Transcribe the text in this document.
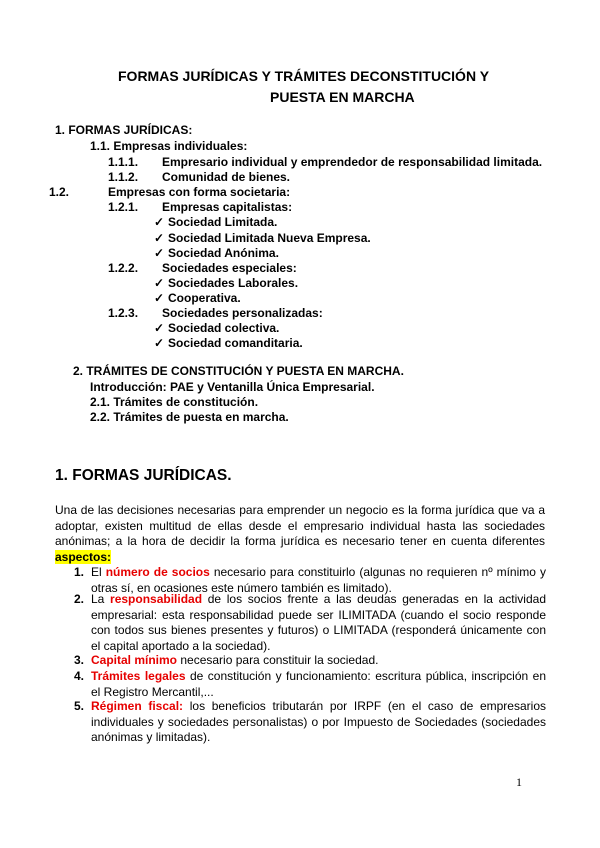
FORMAS JURÍDICAS Y TRÁMITES DECONSTITUCIÓN Y
PUESTA EN MARCHA
1. FORMAS JURÍDICAS:
1.1. Empresas individuales:
1.1.1. Empresario individual y emprendedor de responsabilidad limitada.
1.1.2. Comunidad de bienes.
1.2.	Empresas con forma societaria:
1.2.1. Empresas capitalistas:
✓ Sociedad Limitada.
✓ Sociedad Limitada Nueva Empresa.
✓ Sociedad Anónima.
1.2.2. Sociedades especiales:
✓ Sociedades Laborales.
✓ Cooperativa.
1.2.3. Sociedades personalizadas:
✓ Sociedad colectiva.
✓ Sociedad comanditaria.
2. TRÁMITES DE CONSTITUCIÓN Y PUESTA EN MARCHA.
Introducción: PAE y Ventanilla Única Empresarial.
2.1. Trámites de constitución.
2.2. Trámites de puesta en marcha.
1. FORMAS JURÍDICAS.
Una de las decisiones necesarias para emprender un negocio es la forma jurídica que va a adoptar, existen multitud de ellas desde el empresario individual hasta las sociedades anónimas; a la hora de decidir la forma jurídica es necesario tener en cuenta diferentes
aspectos:
1. El número de socios necesario para constituirlo (algunas no requieren nº mínimo y otras sí, en ocasiones este número también es limitado).
2. La responsabilidad de los socios frente a las deudas generadas en la actividad empresarial: esta responsabilidad puede ser ILIMITADA (cuando el socio responde con todos sus bienes presentes y futuros) o LIMITADA (responderá únicamente con el capital aportado a la sociedad).
3. Capital mínimo necesario para constituir la sociedad.
4. Trámites legales de constitución y funcionamiento: escritura pública, inscripción en el Registro Mercantil,...
5. Régimen fiscal: los beneficios tributarán por IRPF (en el caso de empresarios individuales y sociedades personalistas) o por Impuesto de Sociedades (sociedades anónimas y limitadas).
1
